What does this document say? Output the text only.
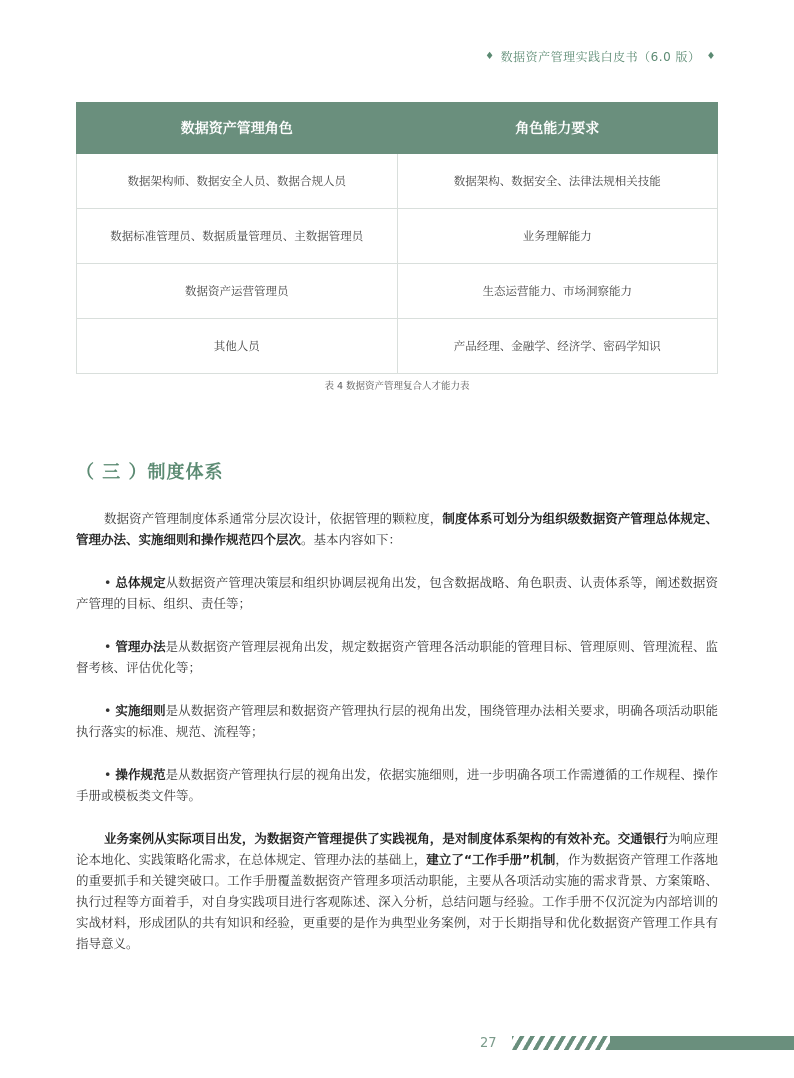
♦ 数据资产管理实践白皮书（6.0 版） ♦
数据资产管理角色	角色能力要求
数据架构师、数据安全人员、数据合规人员	数据架构、数据安全、法律法规相关技能
数据标准管理员、数据质量管理员、主数据管理员	业务理解能力
数据资产运营管理员	生态运营能力、市场洞察能力
其他人员	产品经理、金融学、经济学、密码学知识
表 4 数据资产管理复合人才能力表
（ 三 ）制度体系
数据资产管理制度体系通常分层次设计，依据管理的颗粒度，制度体系可划分为组织级数据资产管理总体规定、管理办法、实施细则和操作规范四个层次。基本内容如下：
• 总体规定从数据资产管理决策层和组织协调层视角出发，包含数据战略、角色职责、认责体系等，阐述数据资产管理的目标、组织、责任等；
• 管理办法是从数据资产管理层视角出发，规定数据资产管理各活动职能的管理目标、管理原则、管理流程、监督考核、评估优化等；
• 实施细则是从数据资产管理层和数据资产管理执行层的视角出发，围绕管理办法相关要求，明确各项活动职能执行落实的标准、规范、流程等；
• 操作规范是从数据资产管理执行层的视角出发，依据实施细则，进一步明确各项工作需遵循的工作规程、操作手册或模板类文件等。
业务案例从实际项目出发，为数据资产管理提供了实践视角，是对制度体系架构的有效补充。交通银行为响应理论本地化、实践策略化需求，在总体规定、管理办法的基础上，建立了“工作手册”机制，作为数据资产管理工作落地的重要抓手和关键突破口。工作手册覆盖数据资产管理多项活动职能，主要从各项活动实施的需求背景、方案策略、执行过程等方面着手，对自身实践项目进行客观陈述、深入分析，总结问题与经验。工作手册不仅沉淀为内部培训的实战材料，形成团队的共有知识和经验，更重要的是作为典型业务案例，对于长期指导和优化数据资产管理工作具有指导意义。
27
